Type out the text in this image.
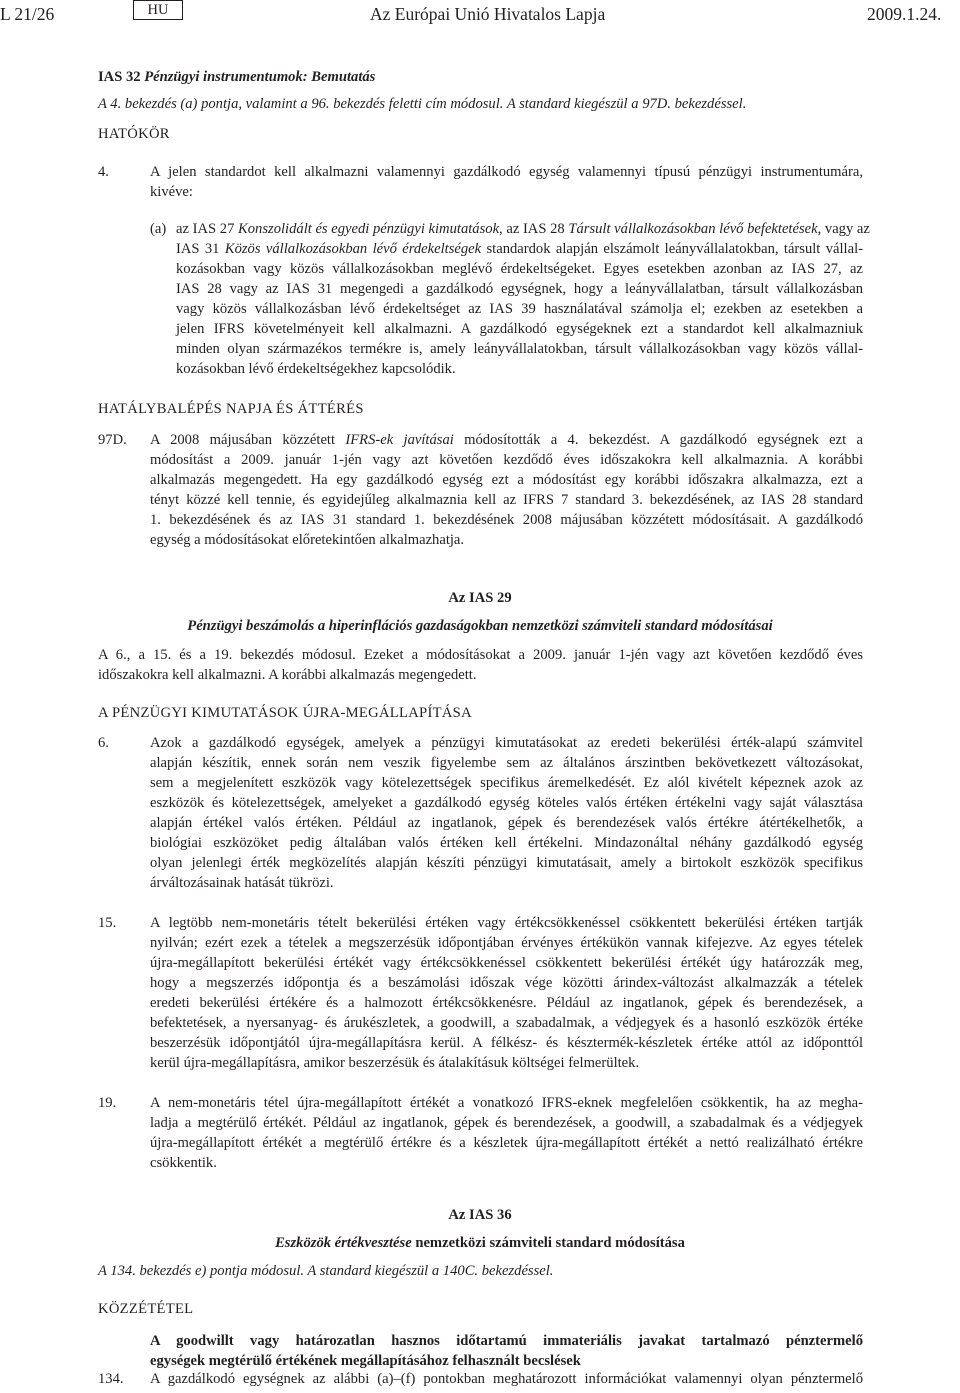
L 21/26	HU	Az Európai Unió Hivatalos Lapja	2009.1.24.
IAS 32 Pénzügyi instrumentumok: Bemutatás
A 4. bekezdés (a) pontja, valamint a 96. bekezdés feletti cím módosul. A standard kiegészül a 97D. bekezdéssel.
HATÓKÖR
4.	A jelen standardot kell alkalmazni valamennyi gazdálkodó egység valamennyi típusú pénzügyi instrumentumára,
kivéve:
(a) az IAS 27 Konszolidált és egyedi pénzügyi kimutatások, az IAS 28 Társult vállalkozásokban lévő befektetések, vagy az
IAS 31 Közös vállalkozásokban lévő érdekeltségek standardok alapján elszámolt leányvállalatokban, társult vállal-
kozásokban vagy közös vállalkozásokban meglévő érdekeltségeket. Egyes esetekben azonban az IAS 27, az
IAS 28 vagy az IAS 31 megengedi a gazdálkodó egységnek, hogy a leányvállalatban, társult vállalkozásban
vagy közös vállalkozásban lévő érdekeltséget az IAS 39 használatával számolja el; ezekben az esetekben a
jelen IFRS követelményeit kell alkalmazni. A gazdálkodó egységeknek ezt a standardot kell alkalmazniuk
minden olyan származékos termékre is, amely leányvállalatokban, társult vállalkozásokban vagy közös vállal-
kozásokban lévő érdekeltségekhez kapcsolódik.
HATÁLYBALÉPÉS NAPJA ÉS ÁTTÉRÉS
97D. A 2008 májusában közzétett IFRS-ek javításai módosították a 4. bekezdést. A gazdálkodó egységnek ezt a
módosítást a 2009. január 1-jén vagy azt követően kezdődő éves időszakokra kell alkalmaznia. A korábbi
alkalmazás megengedett. Ha egy gazdálkodó egység ezt a módosítást egy korábbi időszakra alkalmazza, ezt a
tényt közzé kell tennie, és egyidejűleg alkalmaznia kell az IFRS 7 standard 3. bekezdésének, az IAS 28 standard
1. bekezdésének és az IAS 31 standard 1. bekezdésének 2008 májusában közzétett módosításait. A gazdálkodó
egység a módosításokat előretekintően alkalmazhatja.
Az IAS 29
Pénzügyi beszámolás a hiperinflációs gazdaságokban nemzetközi számviteli standard módosításai
A 6., a 15. és a 19. bekezdés módosul. Ezeket a módosításokat a 2009. január 1-jén vagy azt követően kezdődő éves
időszakokra kell alkalmazni. A korábbi alkalmazás megengedett.
A PÉNZÜGYI KIMUTATÁSOK ÚJRA-MEGÁLLAPÍTÁSA
6.	Azok a gazdálkodó egységek, amelyek a pénzügyi kimutatásokat az eredeti bekerülési érték-alapú számvitel
alapján készítik, ennek során nem veszik figyelembe sem az általános árszintben bekövetkezett változásokat,
sem a megjelenített eszközök vagy kötelezettségek specifikus áremelkedését. Ez alól kivételt képeznek azok az
eszközök és kötelezettségek, amelyeket a gazdálkodó egység köteles valós értéken értékelni vagy saját választása
alapján értékel valós értéken. Például az ingatlanok, gépek és berendezések valós értékre átértékelhetők, a
biológiai eszközöket pedig általában valós értéken kell értékelni. Mindazonáltal néhány gazdálkodó egység
olyan jelenlegi érték megközelítés alapján készíti pénzügyi kimutatásait, amely a birtokolt eszközök specifikus
árváltozásainak hatását tükrözi.
15. A legtöbb nem-monetáris tételt bekerülési értéken vagy értékcsökkenéssel csökkentett bekerülési értéken tartják
nyilván; ezért ezek a tételek a megszerzésük időpontjában érvényes értékükön vannak kifejezve. Az egyes tételek
újra-megállapított bekerülési értékét vagy értékcsökkenéssel csökkentett bekerülési értékét úgy határozzák meg,
hogy a megszerzés időpontja és a beszámolási időszak vége közötti árindex-változást alkalmazzák a tételek
eredeti bekerülési értékére és a halmozott értékcsökkenésre. Például az ingatlanok, gépek és berendezések, a
befektetések, a nyersanyag- és árukészletek, a goodwill, a szabadalmak, a védjegyek és a hasonló eszközök értéke
beszerzésük időpontjától újra-megállapításra kerül. A félkész- és késztermék-készletek értéke attól az időponttól
kerül újra-megállapításra, amikor beszerzésük és átalakításuk költségei felmerültek.
19. A nem-monetáris tétel újra-megállapított értékét a vonatkozó IFRS-eknek megfelelően csökkentik, ha az megha-
ladja a megtérülő értékét. Például az ingatlanok, gépek és berendezések, a goodwill, a szabadalmak és a védjegyek
újra-megállapított értékét a megtérülő értékre és a készletek újra-megállapított értékét a nettó realizálható értékre
csökkentik.
Az IAS 36
Eszközök értékvesztése nemzetközi számviteli standard módosítása
A 134. bekezdés e) pontja módosul. A standard kiegészül a 140C. bekezdéssel.
KÖZZÉTÉTEL
A goodwillt vagy határozatlan hasznos időtartamú immateriális javakat tartalmazó pénztermelő
egységek megtérülő értékének megállapításához felhasznált becslések
134. A gazdálkodó egységnek az alábbi (a)–(f) pontokban meghatározott információkat valamennyi olyan pénztermelő
